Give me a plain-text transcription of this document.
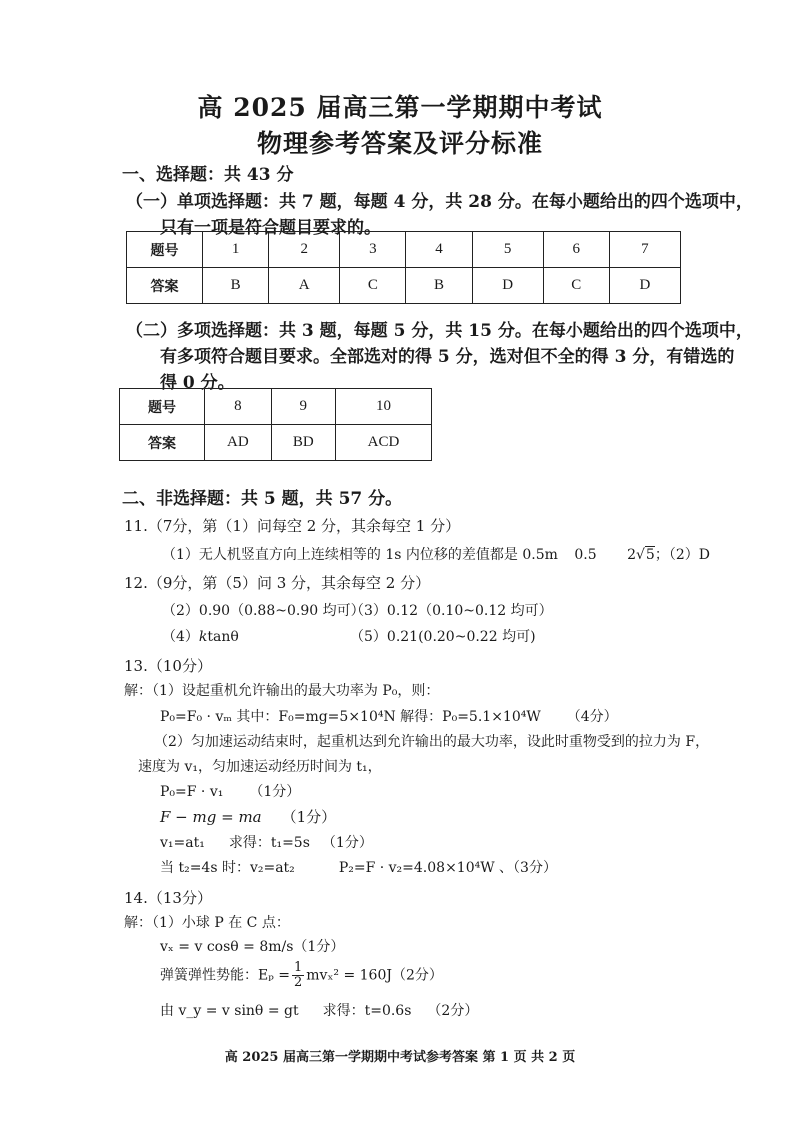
高 2025 届高三第一学期期中考试
物理参考答案及评分标准
一、选择题：共 43 分
（一）单项选择题：共 7 题，每题 4 分，共 28 分。在每小题给出的四个选项中，
只有一项是符合题目要求的。
题号	1	2	3	4	5	6	7
答案	B	A	C	B	D	C	D
（二）多项选择题：共 3 题，每题 5 分，共 15 分。在每小题给出的四个选项中，
有多项符合题目要求。全部选对的得 5 分，选对但不全的得 3 分，有错选的
得 0 分。
题号	8	9	10
答案	AD	BD	ACD
二、非选择题：共 5 题，共 57 分。
11.（7分，第（1）问每空 2 分，其余每空 1 分）
（1）无人机竖直方向上连续相等的 1s 内位移的差值都是 0.5m 0.5 2√5；（2）D
12.（9分，第（5）问 3 分，其余每空 2 分）
（2）0.90（0.88~0.90 均可）
（3）0.12（0.10~0.12 均可）
（4）ktanθ	（5）0.21(0.20~0.22 均可)
13.（10分）
解：（1）设起重机允许输出的最大功率为 P₀，则：
P₀=F₀ · vₘ 其中：F₀=mg=5×10⁴N 解得：P₀=5.1×10⁴W （4分）
（2）匀加速运动结束时，起重机达到允许输出的最大功率，设此时重物受到的拉力为 F，
速度为 v₁，匀加速运动经历时间为 t₁，
P₀=F · v₁ （1分）
F − mg = ma （1分）
v₁=at₁ 求得：t₁=5s （1分）
当 t₂=4s 时：v₂=at₂	P₂=F · v₂=4.08×10⁴W 、（3分）
14.（13分）
解：（1）小球 P 在 C 点：
vₓ = v cosθ = 8m/s（1分）
弹簧弹性势能：$E_p = \frac{1}{2} mv_x^2 = 160J(2$分）
由 v_y = v sinθ = gt 求得：t=0.6s （2分）
高 2025 届高三第一学期期中考试参考答案 第 1 页 共 2 页
